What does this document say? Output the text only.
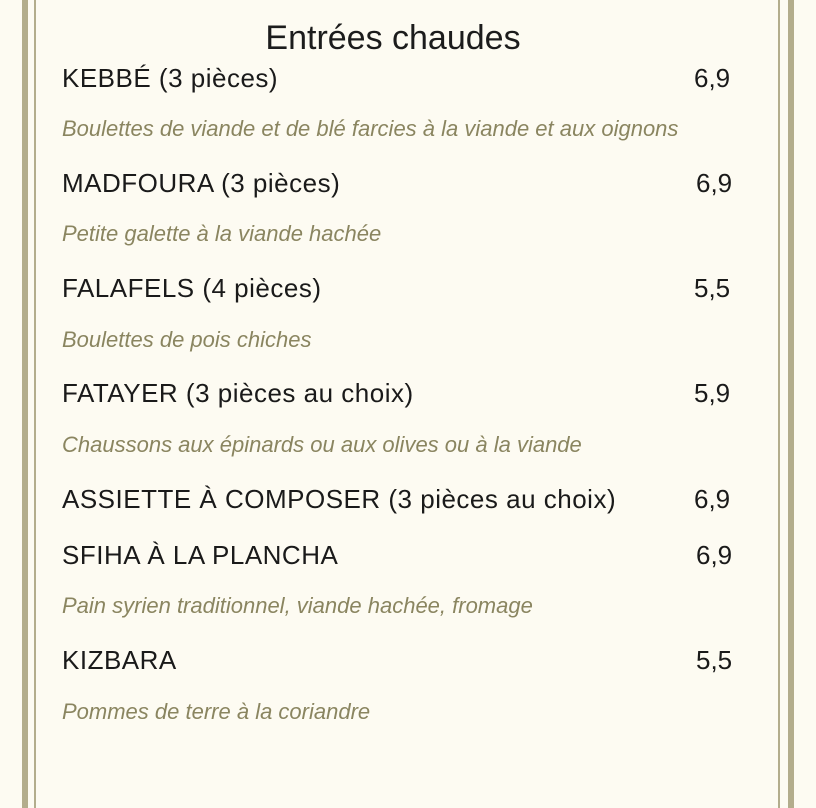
Entrées chaudes
KEBBÉ (3 pièces)	6,9
Boulettes de viande et de blé farcies à la viande et aux oignons
MADFOURA (3 pièces)	6,9
Petite galette à la viande hachée
FALAFELS (4 pièces)	5,5
Boulettes de pois chiches
FATAYER (3 pièces au choix)	5,9
Chaussons aux épinards ou aux olives ou à la viande
ASSIETTE À COMPOSER (3 pièces au choix)	6,9
SFIHA À LA PLANCHA	6,9
Pain syrien traditionnel, viande hachée, fromage
KIZBARA	5,5
Pommes de terre à la coriandre
